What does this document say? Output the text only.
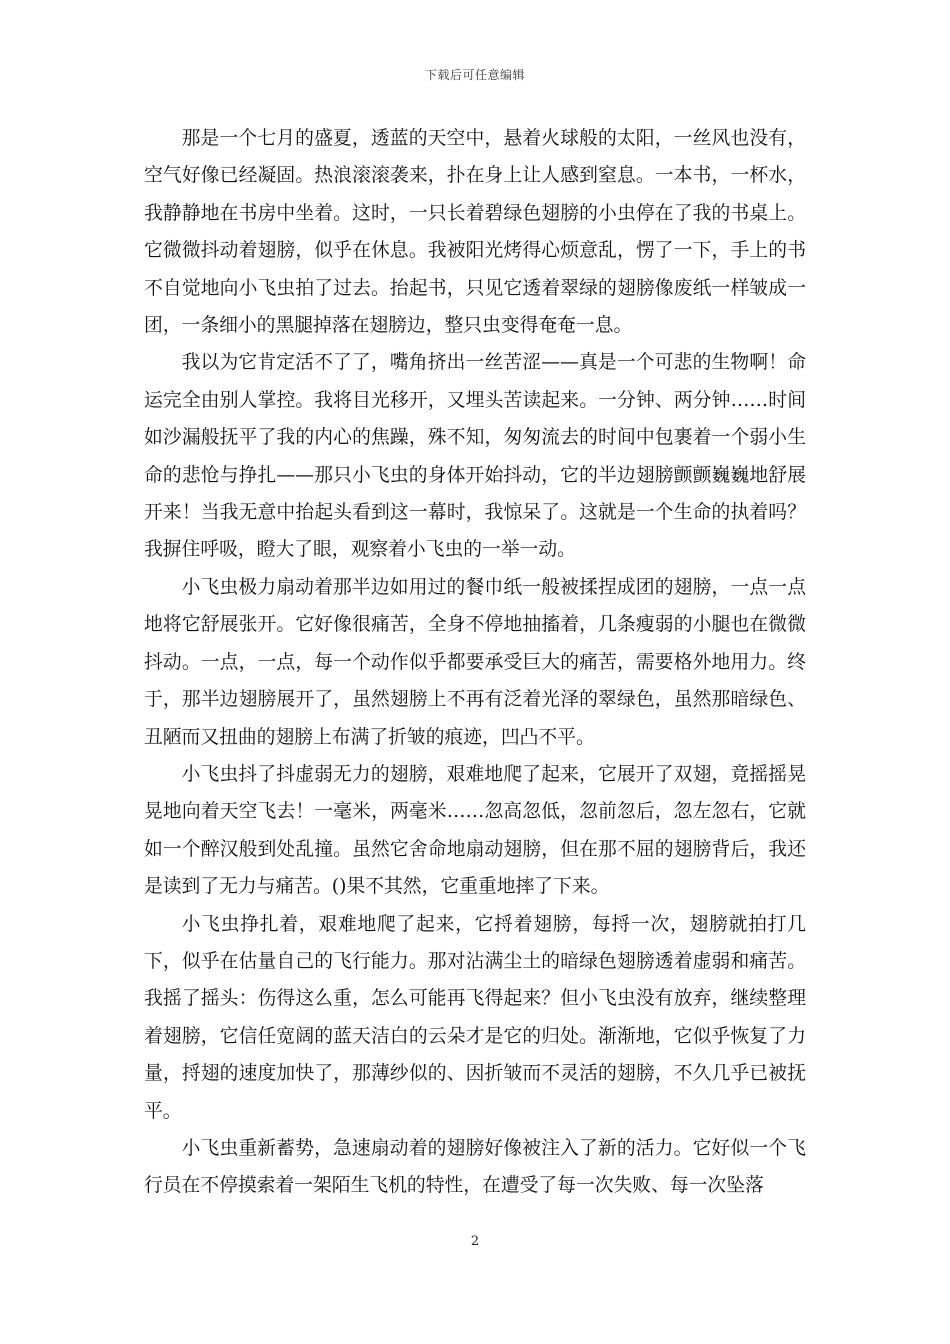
下载后可任意编辑

那是一个七月的盛夏，透蓝的天空中，悬着火球般的太阳，一丝风也没有，空气好像已经凝固。热浪滚滚袭来，扑在身上让人感到窒息。一本书，一杯水，我静静地在书房中坐着。这时，一只长着碧绿色翅膀的小虫停在了我的书桌上。它微微抖动着翅膀，似乎在休息。我被阳光烤得心烦意乱，愣了一下，手上的书不自觉地向小飞虫拍了过去。抬起书，只见它透着翠绿的翅膀像废纸一样皱成一团，一条细小的黑腿掉落在翅膀边，整只虫变得奄奄一息。

我以为它肯定活不了了，嘴角挤出一丝苦涩——真是一个可悲的生物啊！命运完全由别人掌控。我将目光移开，又埋头苦读起来。一分钟、两分钟……时间如沙漏般抚平了我的内心的焦躁，殊不知，匆匆流去的时间中包裹着一个弱小生命的悲怆与挣扎——那只小飞虫的身体开始抖动，它的半边翅膀颤颤巍巍地舒展开来！当我无意中抬起头看到这一幕时，我惊呆了。这就是一个生命的执着吗？我摒住呼吸，瞪大了眼，观察着小飞虫的一举一动。

小飞虫极力扇动着那半边如用过的餐巾纸一般被揉捏成团的翅膀，一点一点地将它舒展张开。它好像很痛苦，全身不停地抽搐着，几条瘦弱的小腿也在微微抖动。一点，一点，每一个动作似乎都要承受巨大的痛苦，需要格外地用力。终于，那半边翅膀展开了，虽然翅膀上不再有泛着光泽的翠绿色，虽然那暗绿色、丑陋而又扭曲的翅膀上布满了折皱的痕迹，凹凸不平。

小飞虫抖了抖虚弱无力的翅膀，艰难地爬了起来，它展开了双翅，竟摇摇晃晃地向着天空飞去！一毫米，两毫米……忽高忽低，忽前忽后，忽左忽右，它就如一个醉汉般到处乱撞。虽然它舍命地扇动翅膀，但在那不屈的翅膀背后，我还是读到了无力与痛苦。()果不其然，它重重地摔了下来。

小飞虫挣扎着，艰难地爬了起来，它捋着翅膀，每捋一次，翅膀就拍打几下，似乎在估量自己的飞行能力。那对沾满尘土的暗绿色翅膀透着虚弱和痛苦。我摇了摇头：伤得这么重，怎么可能再飞得起来？但小飞虫没有放弃，继续整理着翅膀，它信任宽阔的蓝天洁白的云朵才是它的归处。渐渐地，它似乎恢复了力量，捋翅的速度加快了，那薄纱似的、因折皱而不灵活的翅膀，不久几乎已被抚平。

小飞虫重新蓄势，急速扇动着的翅膀好像被注入了新的活力。它好似一个飞行员在不停摸索着一架陌生飞机的特性，在遭受了每一次失败、每一次坠落

2
